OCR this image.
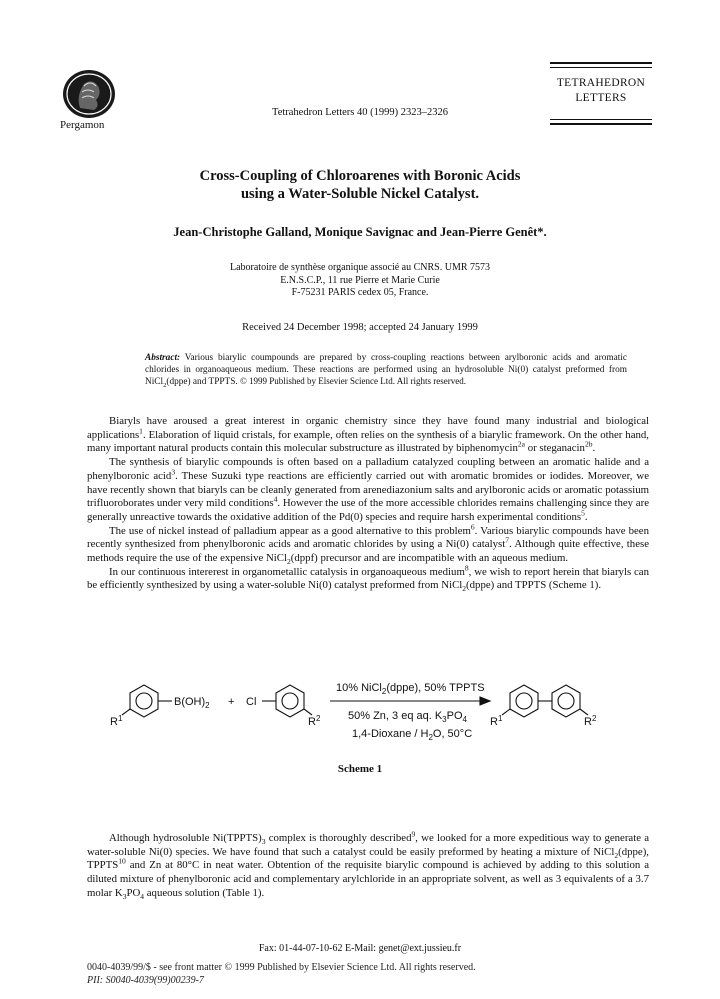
Pergamon
Tetrahedron Letters 40 (1999) 2323–2326
TETRAHEDRON
LETTERS
Cross-Coupling of Chloroarenes with Boronic Acids
using a Water-Soluble Nickel Catalyst.
Jean-Christophe Galland, Monique Savignac and Jean-Pierre Genêt*.
Laboratoire de synthèse organique associé au CNRS. UMR 7573
E.N.S.C.P., 11 rue Pierre et Marie Curie
F-75231 PARIS cedex 05, France.
Received 24 December 1998; accepted 24 January 1999
Abstract: Various biarylic coumpounds are prepared by cross-coupling reactions between arylboronic acids and aromatic chlorides in organoaqueous medium. These reactions are performed using an hydrosoluble Ni(0) catalyst preformed from NiCl$_2$(dppe) and TPPTS. © 1999 Published by Elsevier Science Ltd. All rights reserved.

Biaryls have aroused a great interest in organic chemistry since they have found many industrial and biological applications$^1$. Elaboration of liquid cristals, for example, often relies on the synthesis of a biarylic framework. On the other hand, many important natural products contain this molecular substructure as illustrated by biphenomycin$^{2a}$ or steganacin$^{2b}$.

The synthesis of biarylic compounds is often based on a palladium catalyzed coupling between an aromatic halide and a phenylboronic acid$^3$. These Suzuki type reactions are efficiently carried out with aromatic bromides or iodides. Moreover, we have recently shown that biaryls can be cleanly generated from arenediazonium salts and arylboronic acids or aromatic potassium trifluoroborates under very mild conditions$^4$. However the use of the more accessible chlorides remains challenging since they are generally unreactive towards the oxidative addition of the Pd(0) species and require harsh experimental conditions$^5$.

The use of nickel instead of palladium appear as a good alternative to this problem$^6$. Various biarylic compounds have been recently synthesized from phenylboronic acids and aromatic chlorides by using a Ni(0) catalyst$^7$. Although quite effective, these methods require the use of the expensive NiCl$_2$(dppf) precursor and are incompatible with an aqueous medium.

In our continuous intererest in organometallic catalysis in organoaqueous medium$^8$, we wish to report herein that biaryls can be efficiently synthesized by using a water-soluble Ni(0) catalyst preformed from NiCl$_2$(dppe) and TPPTS (Scheme 1).

$B(OH)_2 + Cl$
$R^1$	$R^2$	$R^1$	$R^2$
10% NiCl$_2$(dppe), 50% TPPTS
50% Zn, 3 eq aq. $K_3PO_4$
1,4-Dioxane / $H_2O$, 50°C
Scheme 1

Although hydrosoluble $Ni(TPPTS)_3$ complex is thoroughly described$^9$, we looked for a more expeditious way to generate a water-soluble Ni(0) species. We have found that such a catalyst could be easily preformed by heating a mixture of NiCl$_2$(dppe), TPPTS$^{10}$ and Zn at 80°C in neat water. Obtention of the requisite biarylic compound is achieved by adding to this solution a diluted mixture of phenylboronic acid and complementary arylchloride in an appropriate solvent, as well as 3 equivalents of a 3.7 molar $K_3PO_4$ aqueous solution (Table 1).

Fax: 01-44-07-10-62 E-Mail: genet@ext.jussieu.fr
0040-4039/99/$ - see front matter © 1999 Published by Elsevier Science Ltd. All rights reserved.
PII: S0040-4039(99)00239-7
